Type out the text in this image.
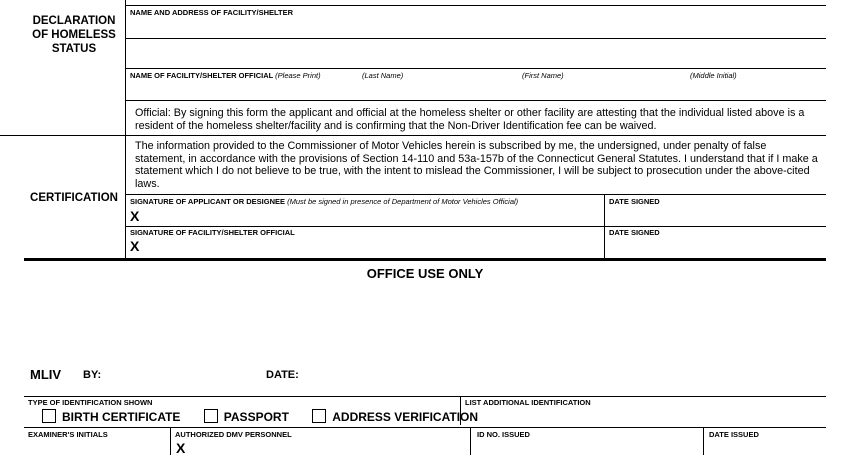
DECLARATION
OF HOMELESS
STATUS
NAME AND ADDRESS OF FACILITY/SHELTER
NAME OF FACILITY/SHELTER OFFICIAL (Please Print)	(Last Name)	(First Name)	(Middle Initial)
Official: By signing this form the applicant and official at the homeless shelter or other facility are attesting that the individual listed above is a resident of the homeless shelter/facility and is confirming that the Non-Driver Identification fee can be waived.
CERTIFICATION
The information provided to the Commissioner of Motor Vehicles herein is subscribed by me, the undersigned, under penalty of false statement, in accordance with the provisions of Section 14-110 and 53a-157b of the Connecticut General Statutes. I understand that if I make a statement which I do not believe to be true, with the intent to mislead the Commissioner, I will be subject to prosecution under the above-cited laws.
SIGNATURE OF APPLICANT OR DESIGNEE (Must be signed in presence of Department of Motor Vehicles Official)
X
DATE SIGNED
SIGNATURE OF FACILITY/SHELTER OFFICIAL
X
DATE SIGNED
OFFICE USE ONLY
MLIV BY:	DATE:
TYPE OF IDENTIFICATION SHOWN
BIRTH CERTIFICATE	PASSPORT	ADDRESS VERIFICATION
LIST ADDITIONAL IDENTIFICATION
EXAMINER'S INITIALS	AUTHORIZED DMV PERSONNEL
X
ID NO. ISSUED	DATE ISSUED
